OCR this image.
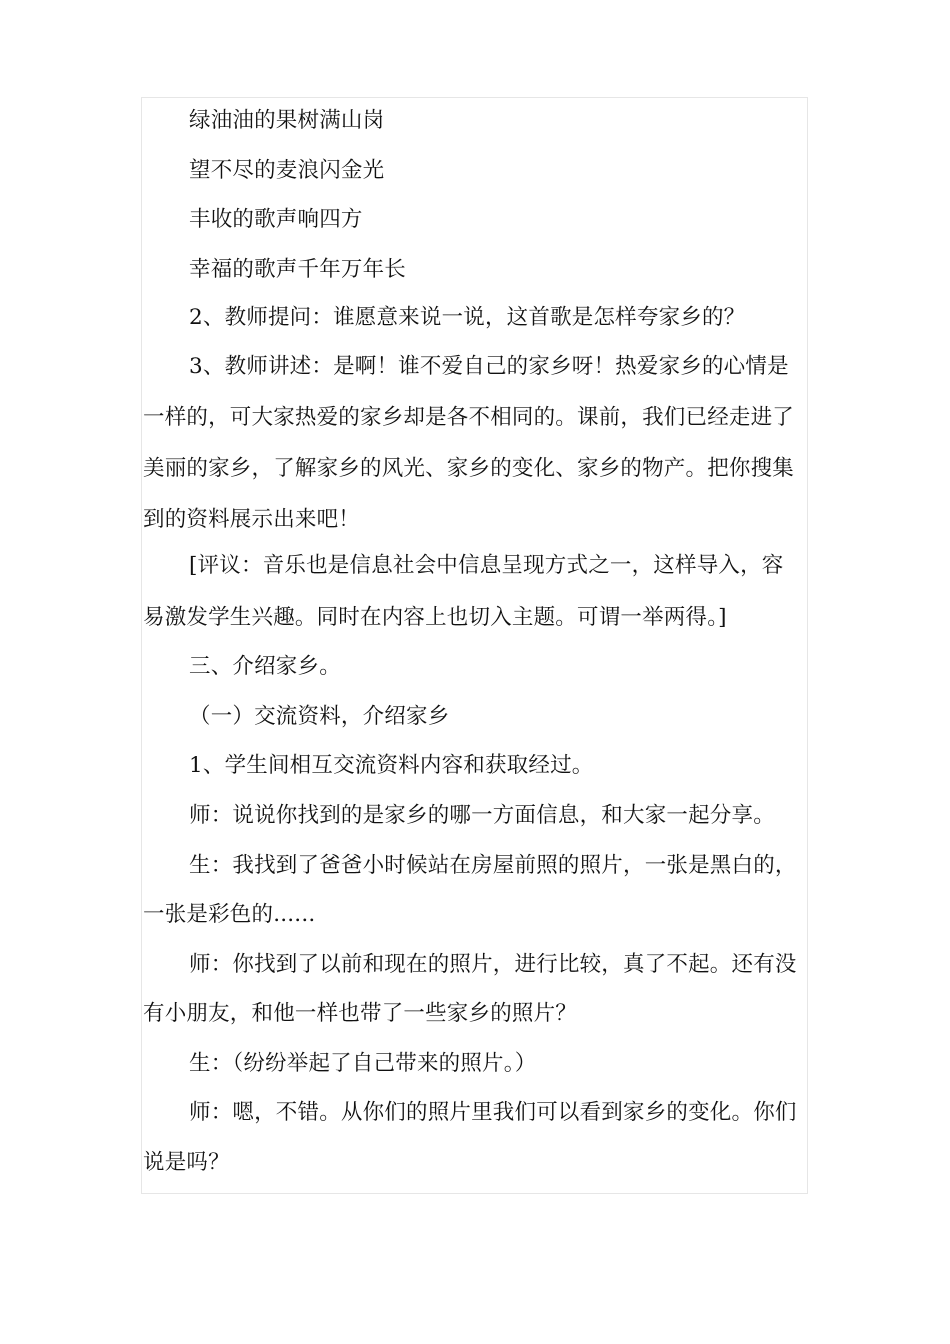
绿油油的果树满山岗
望不尽的麦浪闪金光
丰收的歌声响四方
幸福的歌声千年万年长
2、教师提问：谁愿意来说一说，这首歌是怎样夸家乡的？
3、教师讲述：是啊！谁不爱自己的家乡呀！热爱家乡的心情是
一样的，可大家热爱的家乡却是各不相同的。课前，我们已经走进了
美丽的家乡，了解家乡的风光、家乡的变化、家乡的物产。把你搜集
到的资料展示出来吧！
[评议：音乐也是信息社会中信息呈现方式之一，这样导入，容
易激发学生兴趣。同时在内容上也切入主题。可谓一举两得。]
三、介绍家乡。
（一）交流资料，介绍家乡
1、学生间相互交流资料内容和获取经过。
师：说说你找到的是家乡的哪一方面信息，和大家一起分享。
生：我找到了爸爸小时候站在房屋前照的照片，一张是黑白的，
一张是彩色的......
师：你找到了以前和现在的照片，进行比较，真了不起。还有没
有小朋友，和他一样也带了一些家乡的照片？
生：（纷纷举起了自己带来的照片。）
师：嗯，不错。从你们的照片里我们可以看到家乡的变化。你们
说是吗？
